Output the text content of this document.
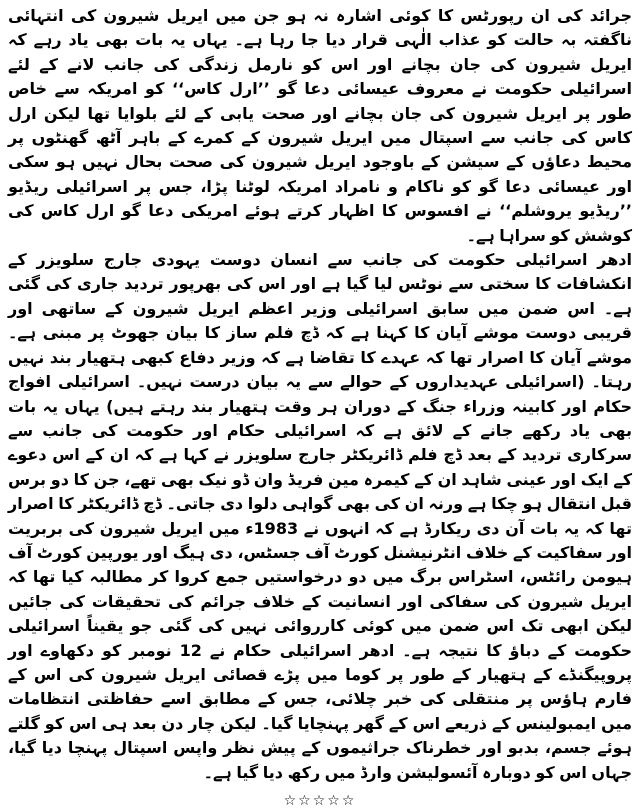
جرائد کی ان رپورٹس کا کوئی اشارہ نہ ہو جن میں ایریل شیرون کی انتہائی ناگفتہ بہ حالت کو عذاب الٰہی قرار دیا جا رہا ہے۔ یہاں یہ بات بھی یاد رہے کہ ایریل شیرون کی جان بچانے اور اس کو نارمل زندگی کی جانب لانے کے لئے اسرائیلی حکومت نے معروف عیسائی دعا گو ’’ارل کاس‘‘ کو امریکہ سے خاص طور پر ایریل شیرون کی جان بچانے اور صحت یابی کے لئے بلوایا تھا لیکن ارل کاس کی جانب سے اسپتال میں ایریل شیرون کے کمرے کے باہر آٹھ گھنٹوں پر محیط دعاؤں کے سیشن کے باوجود ایریل شیرون کی صحت بحال نہیں ہو سکی اور عیسائی دعا گو کو ناکام و نامراد امریکہ لوٹنا پڑا، جس پر اسرائیلی ریڈیو ’’ریڈیو یروشلم‘‘ نے افسوس کا اظہار کرتے ہوئے امریکی دعا گو ارل کاس کی کوشش کو سراہا ہے۔

ادھر اسرائیلی حکومت کی جانب سے انسان دوست یہودی جارج سلویزر کے انکشافات کا سختی سے نوٹس لیا گیا ہے اور اس کی بھرپور تردید جاری کی گئی ہے۔ اس ضمن میں سابق اسرائیلی وزیر اعظم ایریل شیرون کے ساتھی اور قریبی دوست موشے آیان کا کہنا ہے کہ ڈچ فلم ساز کا بیان جھوٹ پر مبنی ہے۔ موشے آیان کا اصرار تھا کہ عہدے کا تقاضا ہے کہ وزیر دفاع کبھی ہتھیار بند نہیں رہتا۔ (اسرائیلی عہدیداروں کے حوالے سے یہ بیان درست نہیں۔ اسرائیلی افواج حکام اور کابینہ وزراء جنگ کے دوران ہر وقت ہتھیار بند رہتے ہیں) یہاں یہ بات بھی یاد رکھے جانے کے لائق ہے کہ اسرائیلی حکام اور حکومت کی جانب سے سرکاری تردید کے بعد ڈچ فلم ڈائریکٹر جارج سلویزر نے کہا ہے کہ ان کے اس دعوے کے ایک اور عینی شاہد ان کے کیمرہ مین فریڈ وان ڈو نیک بھی تھے، جن کا دو برس قبل انتقال ہو چکا ہے ورنہ ان کی بھی گواہی دلوا دی جاتی۔ ڈچ ڈائریکٹر کا اصرار تھا کہ یہ بات آن دی ریکارڈ ہے کہ انہوں نے 1983ء میں ایریل شیرون کی بربریت اور سفاکیت کے خلاف انٹرنیشنل کورٹ آف جسٹس، دی ہیگ اور یورپین کورٹ آف ہیومن رائٹس، اسٹراس برگ میں دو درخواستیں جمع کروا کر مطالبہ کیا تھا کہ ایریل شیرون کی سفاکی اور انسانیت کے خلاف جرائم کی تحقیقات کی جائیں لیکن ابھی تک اس ضمن میں کوئی کارروائی نہیں کی گئی جو یقیناً اسرائیلی حکومت کے دباؤ کا نتیجہ ہے۔ ادھر اسرائیلی حکام نے 12 نومبر کو دکھاوے اور پروپیگنڈے کے ہتھیار کے طور پر کوما میں پڑے قصائی ایریل شیرون کی اس کے فارم ہاؤس پر منتقلی کی خبر چلائی، جس کے مطابق اسے حفاظتی انتظامات میں ایمبولینس کے ذریعے اس کے گھر پہنچایا گیا۔ لیکن چار دن بعد ہی اس کو گلتے ہوئے جسم، بدبو اور خطرناک جراثیموں کے پیش نظر واپس اسپتال پہنچا دیا گیا، جہاں اس کو دوبارہ آئسولیشن وارڈ میں رکھ دیا گیا ہے۔

☆☆☆☆☆
